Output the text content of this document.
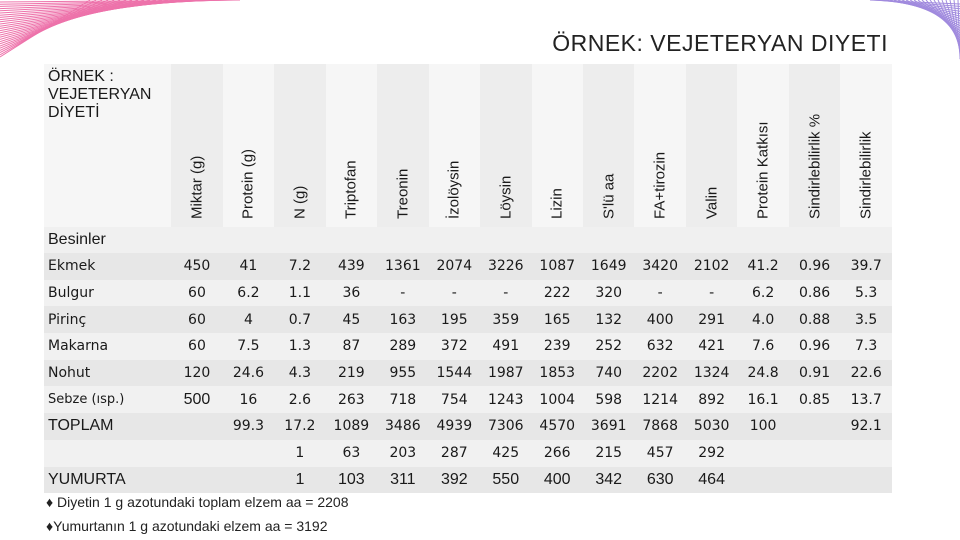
ÖRNEK: VEJETERYAN DIYETI
ÖRNEK : VEJETERYAN DİYETİ	Miktar (g)	Protein (g)	N (g)	Triptofan	Treonin	İzolöysin	Löysin	Lizin	S'lü aa	FA+tirozin	Valin	Protein Katkısı	Sindirlebilirlik %	Sindirlebilirlik

Besinler														
Ekmek	450	41	7.2	439	1361	2074	3226	1087	1649	3420	2102	41.2	0.96	39.7
Bulgur	60	6.2	1.1	36	-	-	-	222	320	-	-	6.2	0.86	5.3
Pirinç	60	4	0.7	45	163	195	359	165	132	400	291	4.0	0.88	3.5
Makarna	60	7.5	1.3	87	289	372	491	239	252	632	421	7.6	0.96	7.3
Nohut	120	24.6	4.3	219	955	1544	1987	1853	740	2202	1324	24.8	0.91	22.6
Sebze (ısp.)	500	16	2.6	263	718	754	1243	1004	598	1214	892	16.1	0.85	13.7
TOPLAM		99.3	17.2	1089	3486	4939	7306	4570	3691	7868	5030	100		92.1
			1	63	203	287	425	266	215	457	292			
YUMURTA			1	103	311	392	550	400	342	630	464			
♦ Diyetin 1 g azotundaki toplam elzem aa = 2208
♦Yumurtanın 1 g azotundaki elzem aa = 3192
